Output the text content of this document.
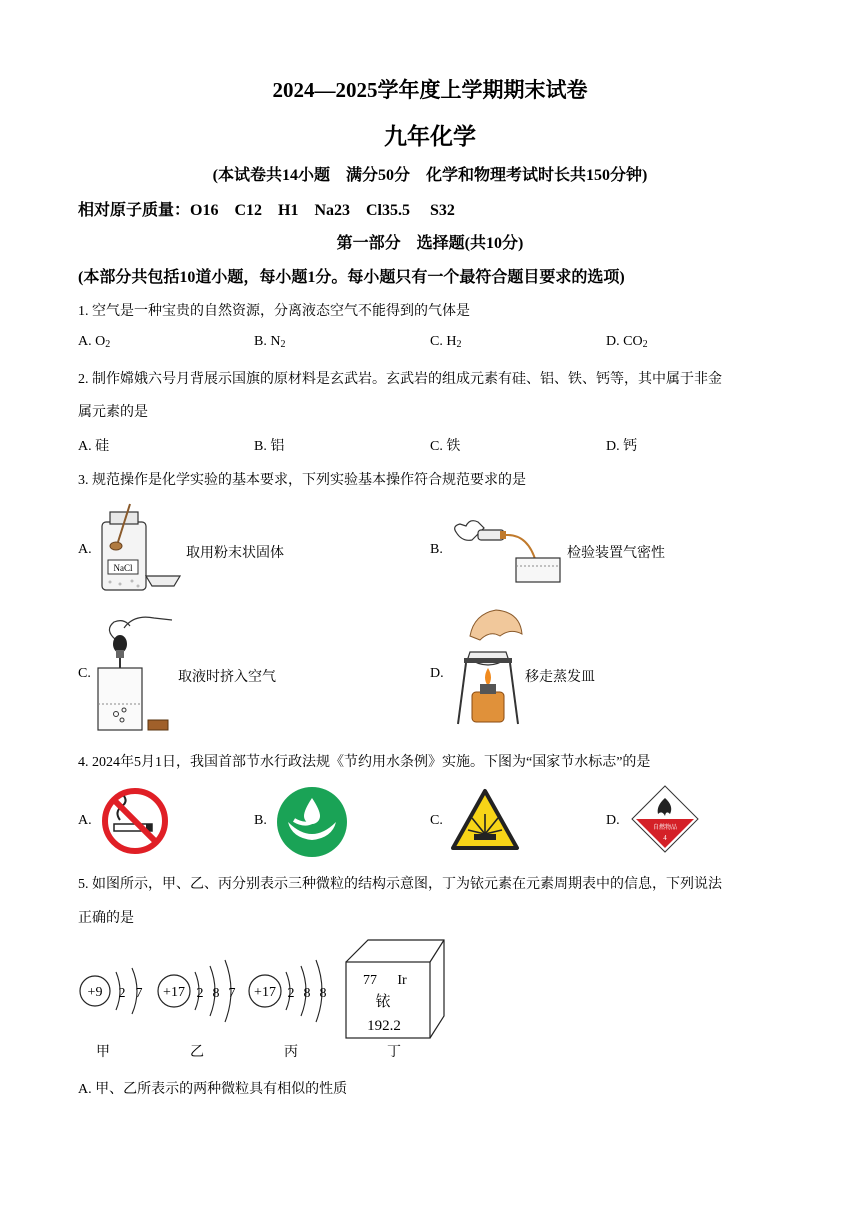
2024—2025学年度上学期期末试卷
九年化学
(本试卷共14小题　满分50分　化学和物理考试时长共150分钟)
相对原子质量：O16　C12　H1　Na23　Cl35.5　 S32
第一部分　选择题(共10分)
(本部分共包括10道小题，每小题1分。每小题只有一个最符合题目要求的选项)
1. 空气是一种宝贵的自然资源，分离液态空气不能得到的气体是
A. $O_2$	B. $N_2$	C. $H_2$	D. $CO_2$
2. 制作嫦娥六号月背展示国旗的原材料是玄武岩。玄武岩的组成元素有硅、铝、铁、钙等，其中属于非金
属元素的是
A. 硅	B. 铝	C. 铁	D. 钙
3. 规范操作是化学实验的基本要求，下列实验基本操作符合规范要求的是
A.
NaCl
取用粉末状固体	B.	检验装置气密性
C.	取液时挤入空气	D.	移走蒸发皿
4. 2024年5月1日，我国首部节水行政法规《节约用水条例》实施。下图为“国家节水标志”的是
A.	B.	C.	D.	自燃物品
4
5. 如图所示，甲、乙、丙分别表示三种微粒的结构示意图，丁为铱元素在元素周期表中的信息，下列说法
正确的是
+9 2 7
甲
+17 2 8 7
乙
+17 2 8 8
丙
77 Ir
铱
192.2
丁
A. 甲、乙所表示的两种微粒具有相似的性质
